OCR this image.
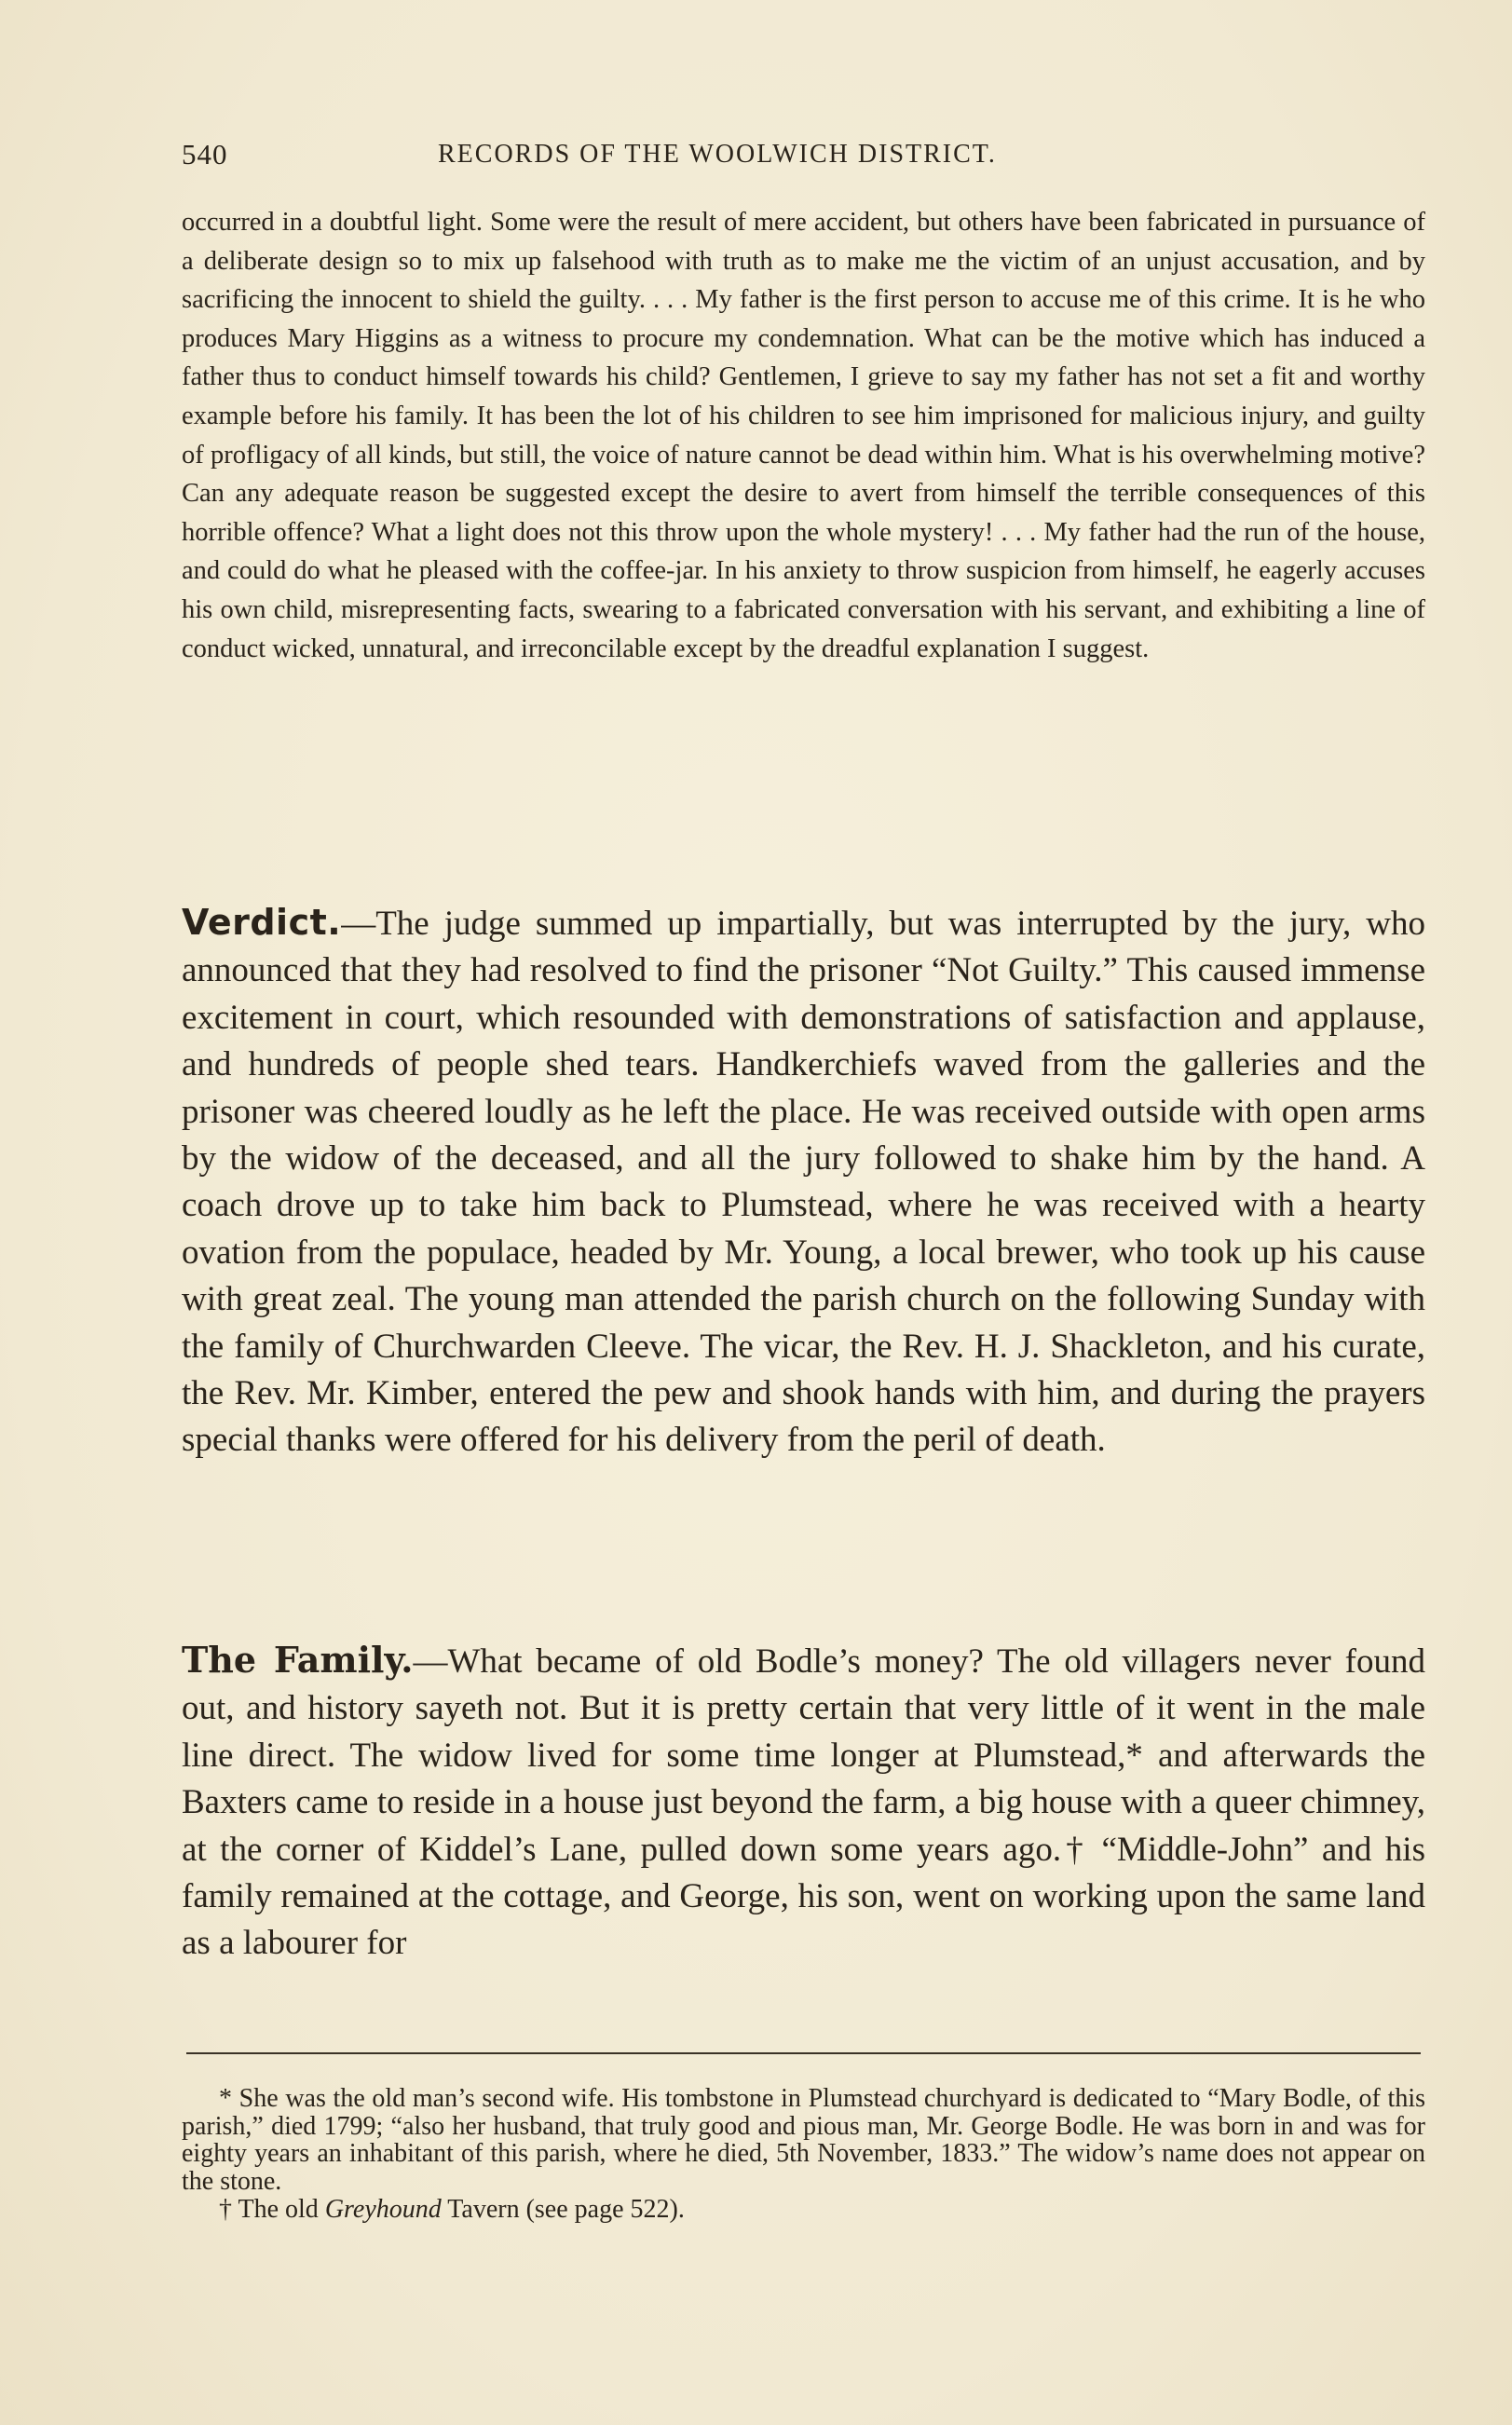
540	RECORDS OF THE WOOLWICH DISTRICT.

occurred in a doubtful light. Some were the result of mere accident, but others have been fabricated in pursuance of a deliberate design so to mix up falsehood with truth as to make me the victim of an unjust accusation, and by sacrificing the innocent to shield the guilty. . . . My father is the first person to accuse me of this crime. It is he who produces Mary Higgins as a witness to procure my condemnation. What can be the motive which has induced a father thus to conduct himself towards his child? Gentlemen, I grieve to say my father has not set a fit and worthy example before his family. It has been the lot of his children to see him imprisoned for malicious injury, and guilty of profligacy of all kinds, but still, the voice of nature cannot be dead within him. What is his overwhelming motive? Can any adequate reason be suggested except the desire to avert from himself the terrible consequences of this horrible offence? What a light does not this throw upon the whole mystery! . . . My father had the run of the house, and could do what he pleased with the coffee-jar. In his anxiety to throw suspicion from himself, he eagerly accuses his own child, misrepresenting facts, swearing to a fabricated conversation with his servant, and exhibiting a line of conduct wicked, unnatural, and irreconcilable except by the dreadful explanation I suggest.

Verdict.—The judge summed up impartially, but was interrupted by the jury, who announced that they had resolved to find the prisoner “Not Guilty.” This caused immense excitement in court, which resounded with demonstrations of satisfaction and applause, and hundreds of people shed tears. Handkerchiefs waved from the galleries and the prisoner was cheered loudly as he left the place. He was received outside with open arms by the widow of the deceased, and all the jury followed to shake him by the hand. A coach drove up to take him back to Plumstead, where he was received with a hearty ovation from the populace, headed by Mr. Young, a local brewer, who took up his cause with great zeal. The young man attended the parish church on the following Sunday with the family of Churchwarden Cleeve. The vicar, the Rev. H. J. Shackleton, and his curate, the Rev. Mr. Kimber, entered the pew and shook hands with him, and during the prayers special thanks were offered for his delivery from the peril of death.

The Family.—What became of old Bodle’s money? The old villagers never found out, and history sayeth not. But it is pretty certain that very little of it went in the male line direct. The widow lived for some time longer at Plumstead,* and afterwards the Baxters came to reside in a house just beyond the farm, a big house with a queer chimney, at the corner of Kiddel’s Lane, pulled down some years ago.† “Middle-John” and his family remained at the cottage, and George, his son, went on working upon the same land as a labourer for

* She was the old man’s second wife. His tombstone in Plumstead churchyard is dedicated to “Mary Bodle, of this parish,” died 1799; “also her husband, that truly good and pious man, Mr. George Bodle. He was born in and was for eighty years an inhabitant of this parish, where he died, 5th November, 1833.” The widow’s name does not appear on the stone.

† The old Greyhound Tavern (see page 522).
